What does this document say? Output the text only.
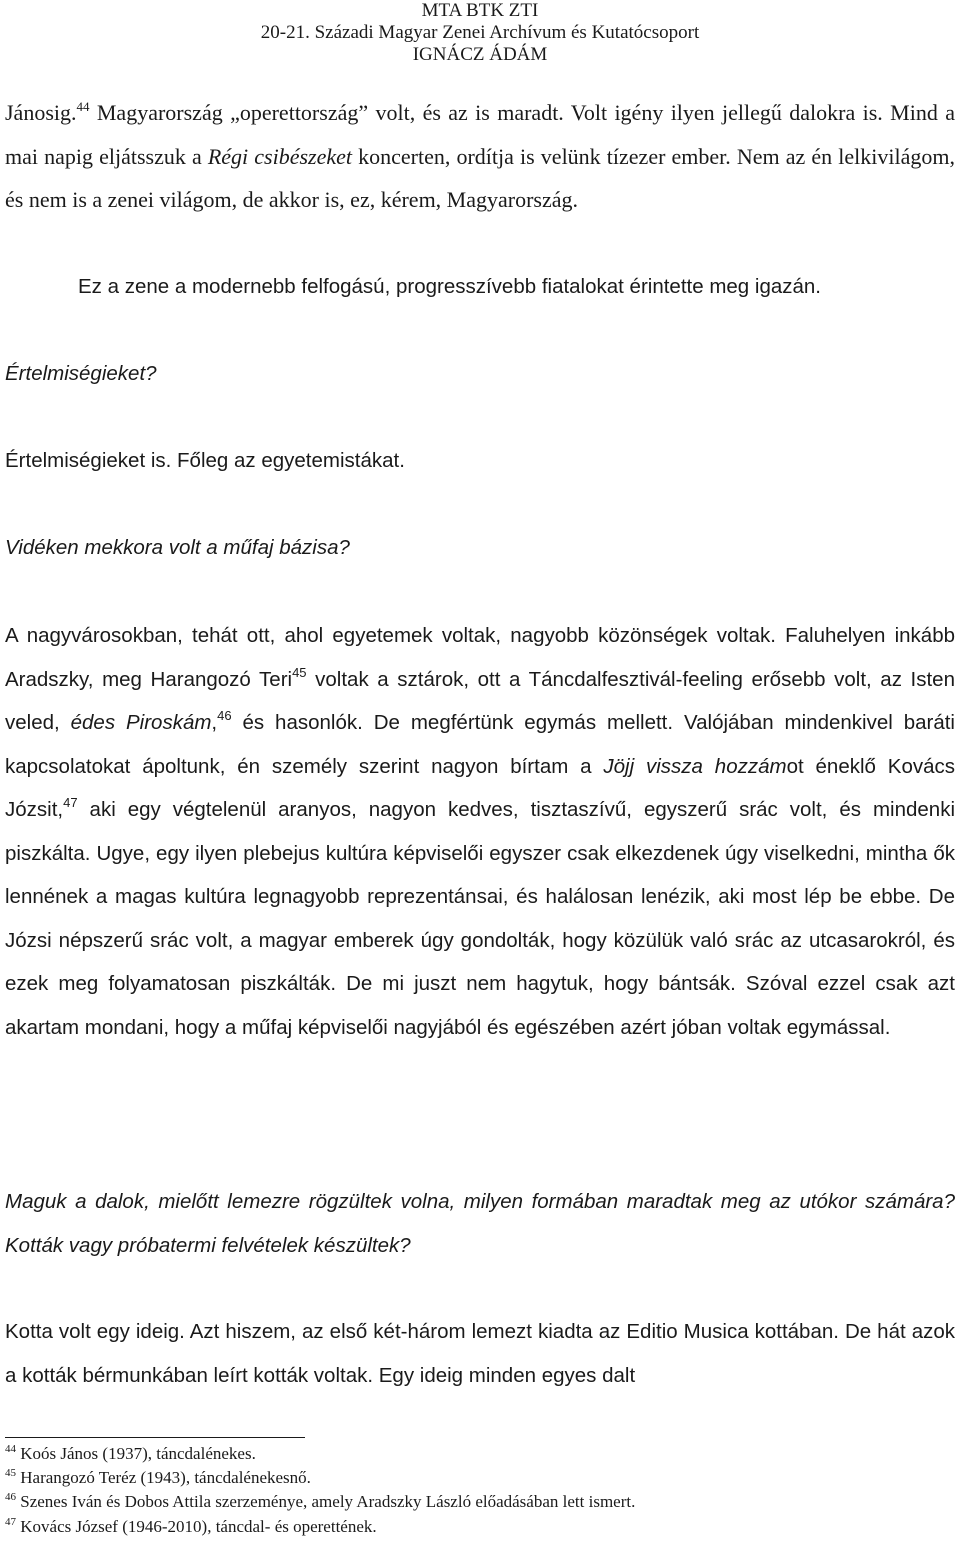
MTA BTK ZTI
20-21. Századi Magyar Zenei Archívum és Kutatócsoport
IGNÁCZ ÁDÁM
Jánosig.$^{44}$ Magyarország „operettország” volt, és az is maradt. Volt igény ilyen jellegű dalokra is. Mind a mai napig eljátsszuk a Régi csibészeket koncerten, ordítja is velünk tízezer ember. Nem az én lelkivilágom, és nem is a zenei világom, de akkor is, ez, kérem, Magyarország.
Ez a zene a modernebb felfogású, progresszívebb fiatalokat érintette meg igazán.
Értelmiségieket?
Értelmiségieket is. Főleg az egyetemistákat.
Vidéken mekkora volt a műfaj bázisa?
A nagyvárosokban, tehát ott, ahol egyetemek voltak, nagyobb közönségek voltak. Faluhelyen inkább Aradszky, meg Harangozó Teri$^{45}$ voltak a sztárok, ott a Táncdalfesztivál-feeling erősebb volt, az Isten veled, édes Piroskám,$^{46}$ és hasonlók. De megfértünk egymás mellett. Valójában mindenkivel baráti kapcsolatokat ápoltunk, én személy szerint nagyon bírtam a Jöjj vissza hozzámot éneklő Kovács Józsit,$^{47}$ aki egy végtelenül aranyos, nagyon kedves, tisztaszívű, egyszerű srác volt, és mindenki piszkálta. Ugye, egy ilyen plebejus kultúra képviselői egyszer csak elkezdenek úgy viselkedni, mintha ők lennének a magas kultúra legnagyobb reprezentánsai, és halálosan lenézik, aki most lép be ebbe. De Józsi népszerű srác volt, a magyar emberek úgy gondolták, hogy közülük való srác az utcasarokról, és ezek meg folyamatosan piszkálták. De mi juszt nem hagytuk, hogy bántsák. Szóval ezzel csak azt akartam mondani, hogy a műfaj képviselői nagyjából és egészében azért jóban voltak egymással.
Maguk a dalok, mielőtt lemezre rögzültek volna, milyen formában maradtak meg az utókor számára? Kották vagy próbatermi felvételek készültek?
Kotta volt egy ideig. Azt hiszem, az első két-három lemezt kiadta az Editio Musica kottában. De hát azok a kották bérmunkában leírt kották voltak. Egy ideig minden egyes dalt
$^{44}$ Koós János (1937), táncdalénekes.
$^{45}$ Harangozó Teréz (1943), táncdalénekesnő.
$^{46}$ Szenes Iván és Dobos Attila szerzeménye, amely Aradszky László előadásában lett ismert.
$^{47}$ Kovács József (1946-2010), táncdal- és operettének.
